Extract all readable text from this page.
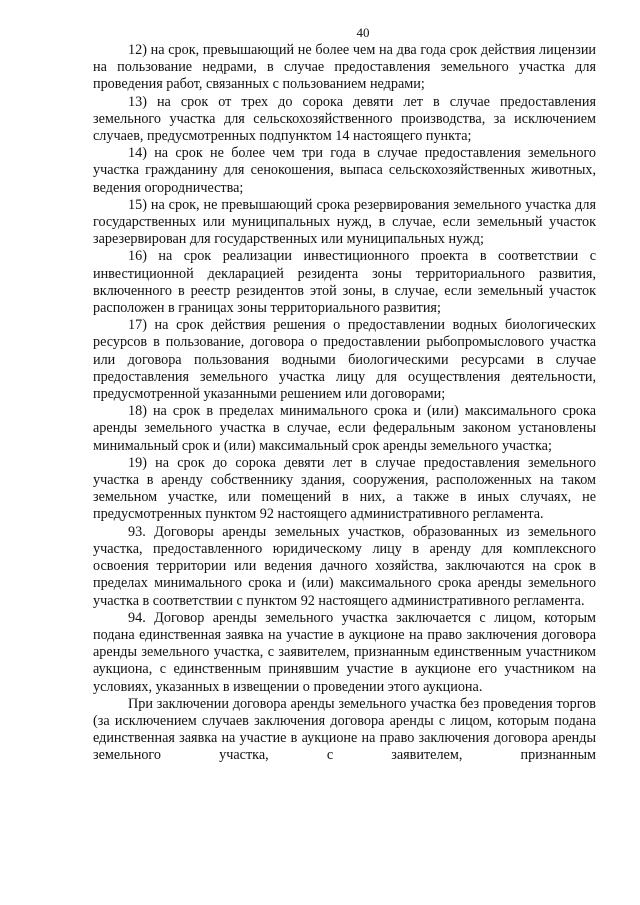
40

12) на срок, превышающий не более чем на два года срок действия лицензии на пользование недрами, в случае предоставления земельного участка для проведения работ, связанных с пользованием недрами;

13) на срок от трех до сорока девяти лет в случае предоставления земельного участка для сельскохозяйственного производства, за исключением случаев, предусмотренных подпунктом 14 настоящего пункта;

14) на срок не более чем три года в случае предоставления земельного участка гражданину для сенокошения, выпаса сельскохозяйственных животных, ведения огородничества;

15) на срок, не превышающий срока резервирования земельного участка для государственных или муниципальных нужд, в случае, если земельный участок зарезервирован для государственных или муниципальных нужд;

16) на срок реализации инвестиционного проекта в соответствии с инвестиционной декларацией резидента зоны территориального развития, включенного в реестр резидентов этой зоны, в случае, если земельный участок расположен в границах зоны территориального развития;

17) на срок действия решения о предоставлении водных биологических ресурсов в пользование, договора о предоставлении рыбопромыслового участка или договора пользования водными биологическими ресурсами в случае предоставления земельного участка лицу для осуществления деятельности, предусмотренной указанными решением или договорами;

18) на срок в пределах минимального срока и (или) максимального срока аренды земельного участка в случае, если федеральным законом установлены минимальный срок и (или) максимальный срок аренды земельного участка;

19) на срок до сорока девяти лет в случае предоставления земельного участка в аренду собственнику здания, сооружения, расположенных на таком земельном участке, или помещений в них, а также в иных случаях, не предусмотренных пунктом 92 настоящего административного регламента.

93. Договоры аренды земельных участков, образованных из земельного участка, предоставленного юридическому лицу в аренду для комплексного освоения территории или ведения дачного хозяйства, заключаются на срок в пределах минимального срока и (или) максимального срока аренды земельного участка в соответствии с пунктом 92 настоящего административного регламента.

94. Договор аренды земельного участка заключается с лицом, которым подана единственная заявка на участие в аукционе на право заключения договора аренды земельного участка, с заявителем, признанным единственным участником аукциона, с единственным принявшим участие в аукционе его участником на условиях, указанных в извещении о проведении этого аукциона.

При заключении договора аренды земельного участка без проведения торгов (за исключением случаев заключения договора аренды с лицом, которым подана единственная заявка на участие в аукционе на право заключения договора аренды земельного участка, с заявителем, признанным
